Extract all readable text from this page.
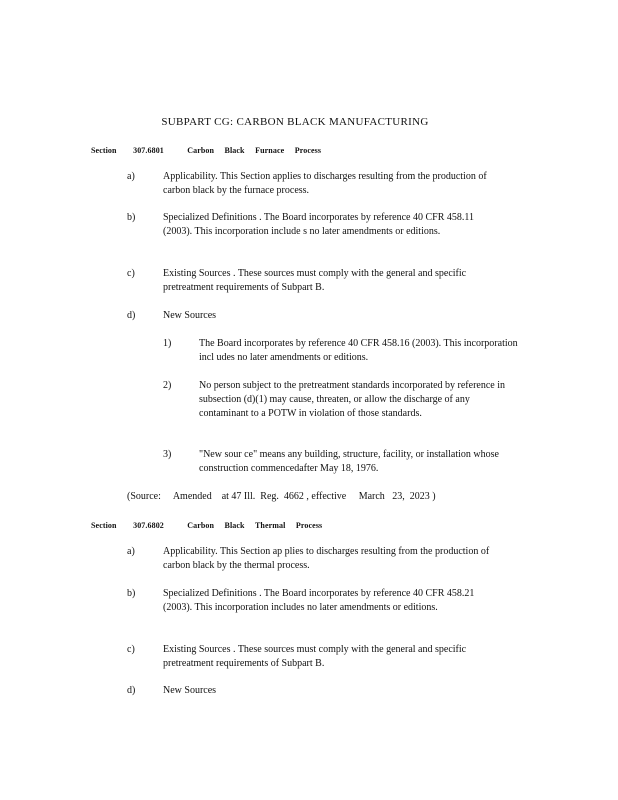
SUBPART CG: CARBON BLACK MANUFACTURING
Section 307.6801	Carbon     Black     Furnace     Process
a)	Applicability. This Section applies to discharges resulting from the production of carbon black by the furnace process.

b)	Specialized Definitions . The Board incorporates by reference 40 CFR 458.11 (2003). This incorporation include s no later amendments or editions.

c)	Existing Sources . These sources must comply with the general and specific pretreatment requirements of Subpart B.

d)	New Sources

1)	The Board incorporates by reference 40 CFR 458.16 (2003). This incorporation incl udes no later amendments or editions.

2)	No person subject to the pretreatment standards incorporated by reference in subsection (d)(1) may cause, threaten, or allow the discharge of any contaminant to a POTW in violation of those standards.

3)	"New sour ce" means any building, structure, facility, or installation whose construction commencedafter May 18, 1976.

(Source:     Amended    at 47 Ill.  Reg.  4662 , effective     March   23,  2023 )
Section 307.6802	Carbon     Black     Thermal     Process
a)	Applicability. This Section ap plies to discharges resulting from the production of carbon black by the thermal process.

b)	Specialized Definitions . The Board incorporates by reference 40 CFR 458.21 (2003). This incorporation includes no later amendments or editions.

c)	Existing Sources . These sources must comply with the general and specific pretreatment requirements of Subpart B.

d)	New Sources
